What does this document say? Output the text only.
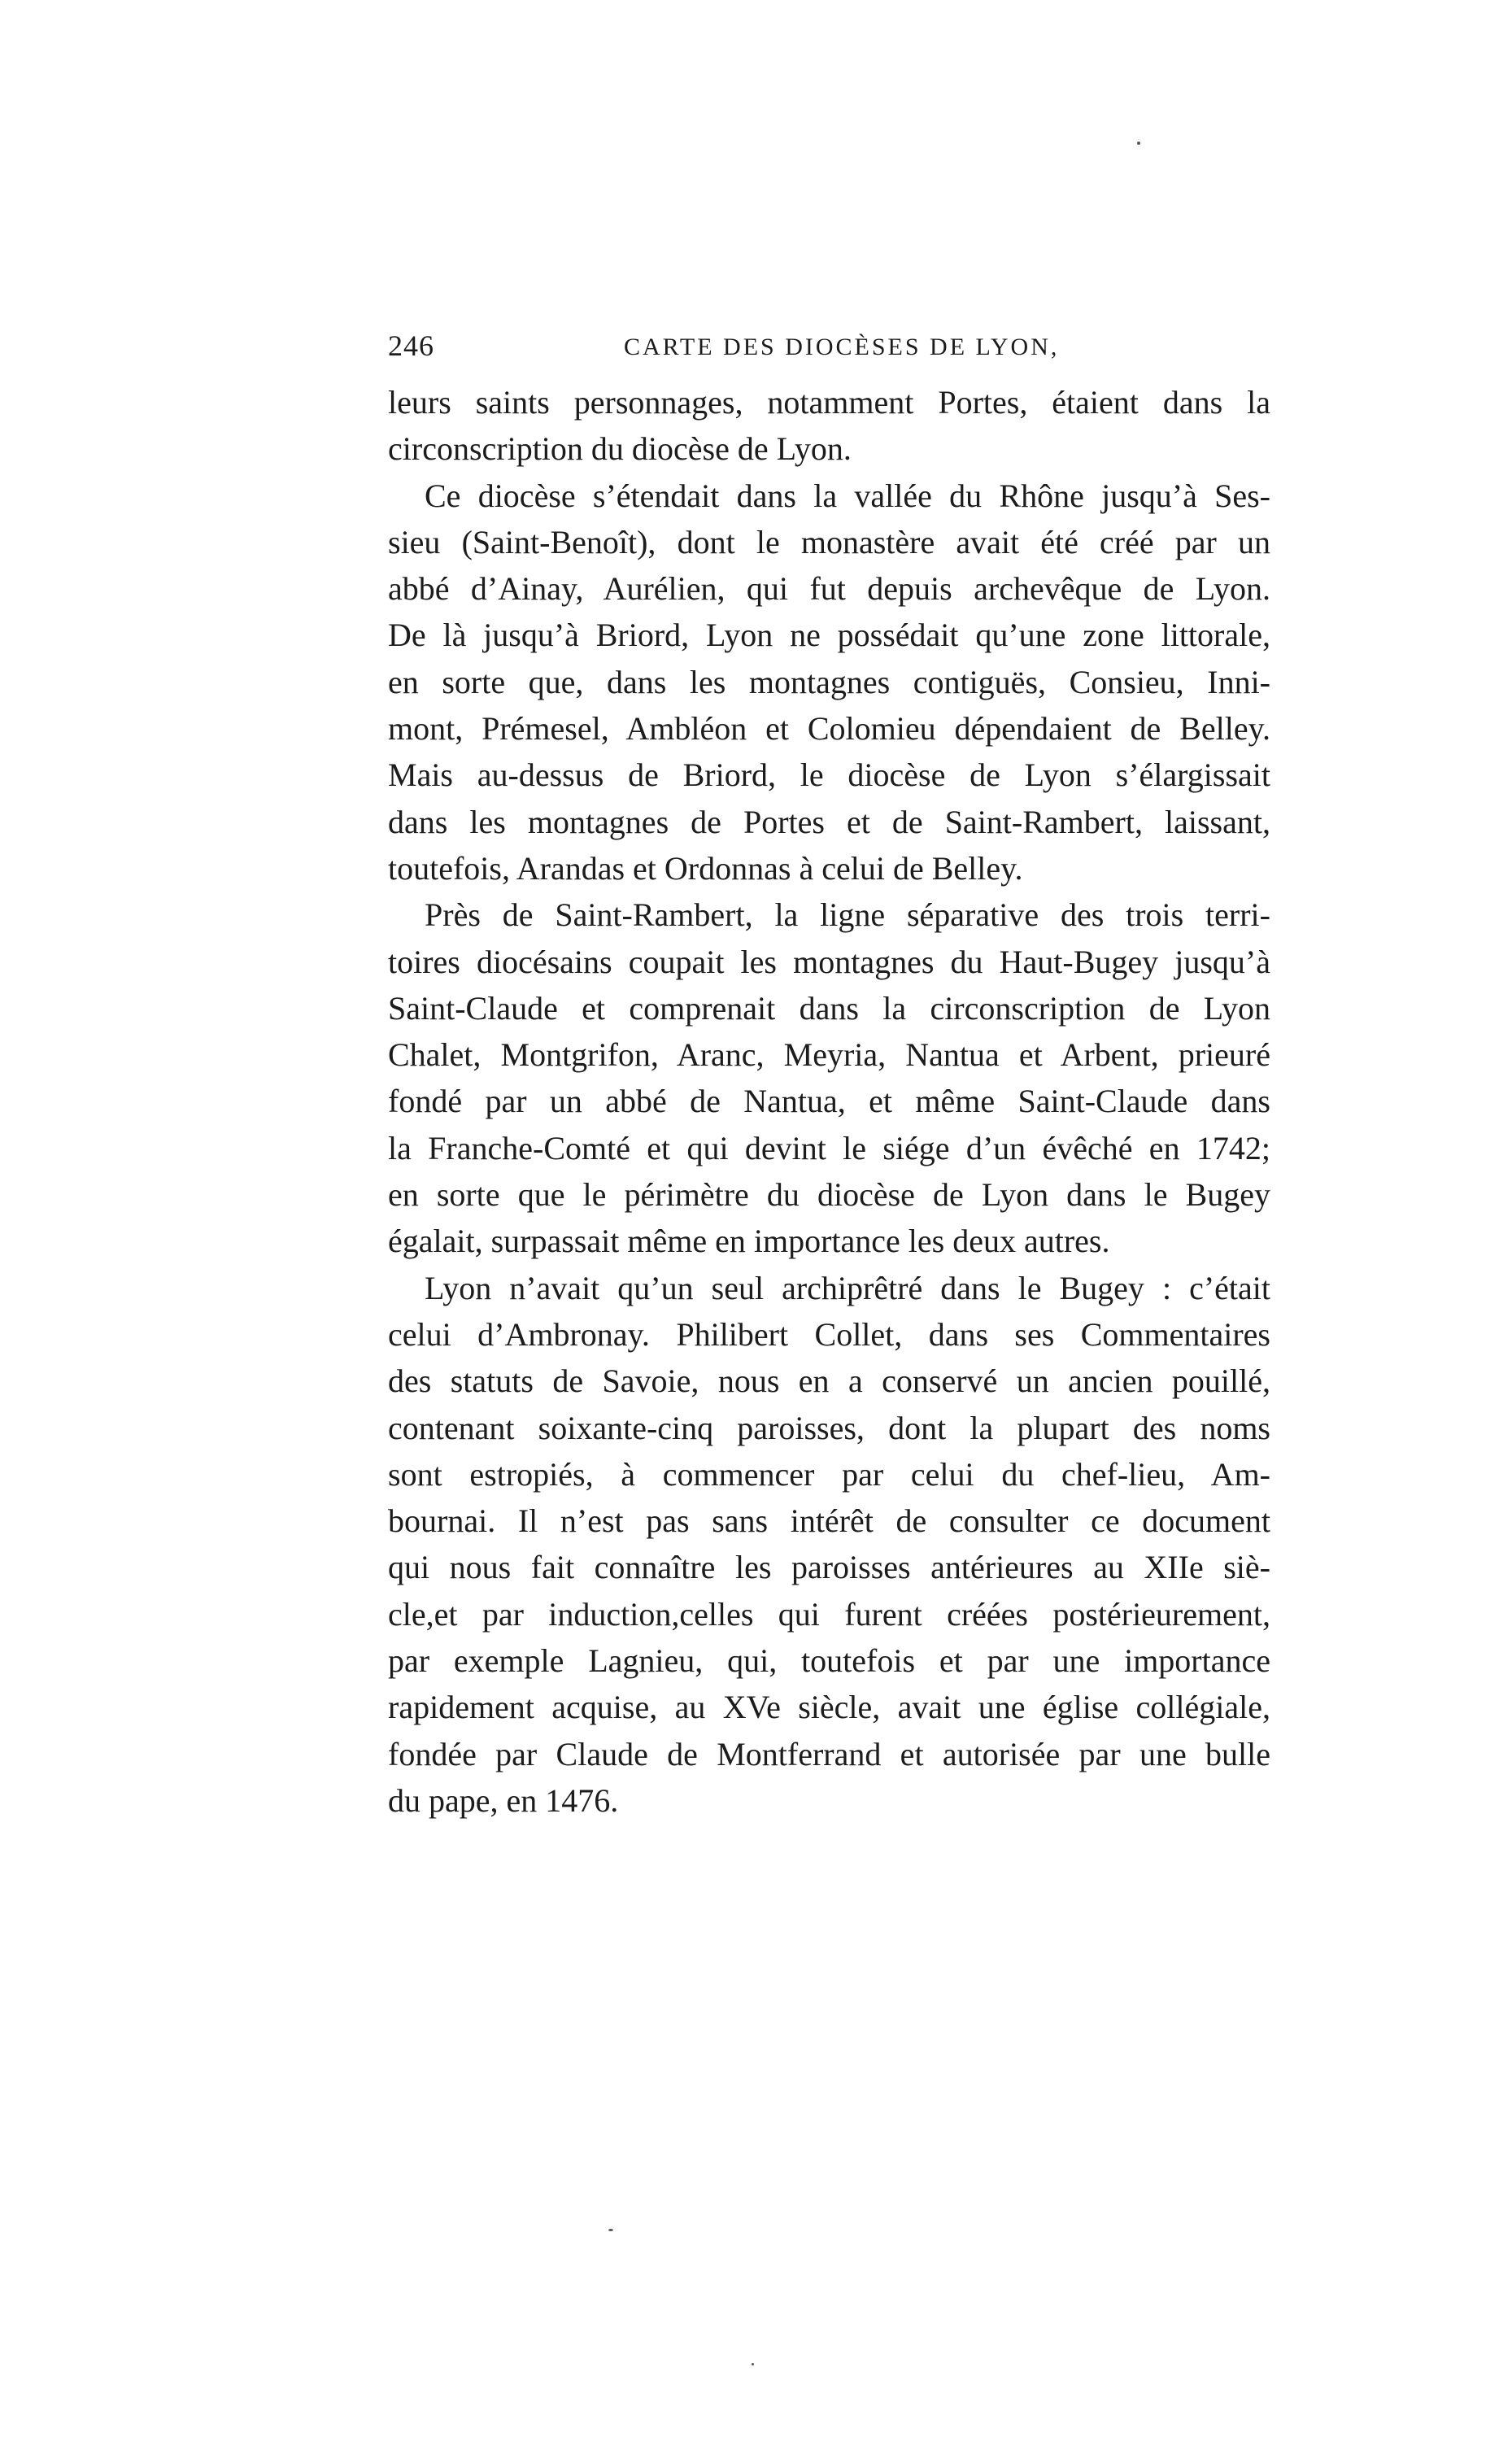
246	CARTE DES DIOCÈSES DE LYON,
leurs saints personnages, notamment Portes, étaient dans la
circonscription du diocèse de Lyon.
Ce diocèse s’étendait dans la vallée du Rhône jusqu’à Ses-
sieu (Saint-Benoît), dont le monastère avait été créé par un
abbé d’Ainay, Aurélien, qui fut depuis archevêque de Lyon.
De là jusqu’à Briord, Lyon ne possédait qu’une zone littorale,
en sorte que, dans les montagnes contiguës, Consieu, Inni-
mont, Prémesel, Ambléon et Colomieu dépendaient de Belley.
Mais au-dessus de Briord, le diocèse de Lyon s’élargissait
dans les montagnes de Portes et de Saint-Rambert, laissant,
toutefois, Arandas et Ordonnas à celui de Belley.
Près de Saint-Rambert, la ligne séparative des trois terri-
toires diocésains coupait les montagnes du Haut-Bugey jusqu’à
Saint-Claude et comprenait dans la circonscription de Lyon
Chalet, Montgrifon, Aranc, Meyria, Nantua et Arbent, prieuré
fondé par un abbé de Nantua, et même Saint-Claude dans
la Franche-Comté et qui devint le siége d’un évêché en 1742;
en sorte que le périmètre du diocèse de Lyon dans le Bugey
égalait, surpassait même en importance les deux autres.
Lyon n’avait qu’un seul archiprêtré dans le Bugey : c’était
celui d’Ambronay. Philibert Collet, dans ses Commentaires
des statuts de Savoie, nous en a conservé un ancien pouillé,
contenant soixante-cinq paroisses, dont la plupart des noms
sont estropiés, à commencer par celui du chef-lieu, Am-
bournai. Il n’est pas sans intérêt de consulter ce document
qui nous fait connaître les paroisses antérieures au XIIe siè-
cle,et par induction,celles qui furent créées postérieurement,
par exemple Lagnieu, qui, toutefois et par une importance
rapidement acquise, au XVe siècle, avait une église collégiale,
fondée par Claude de Montferrand et autorisée par une bulle
du pape, en 1476.
